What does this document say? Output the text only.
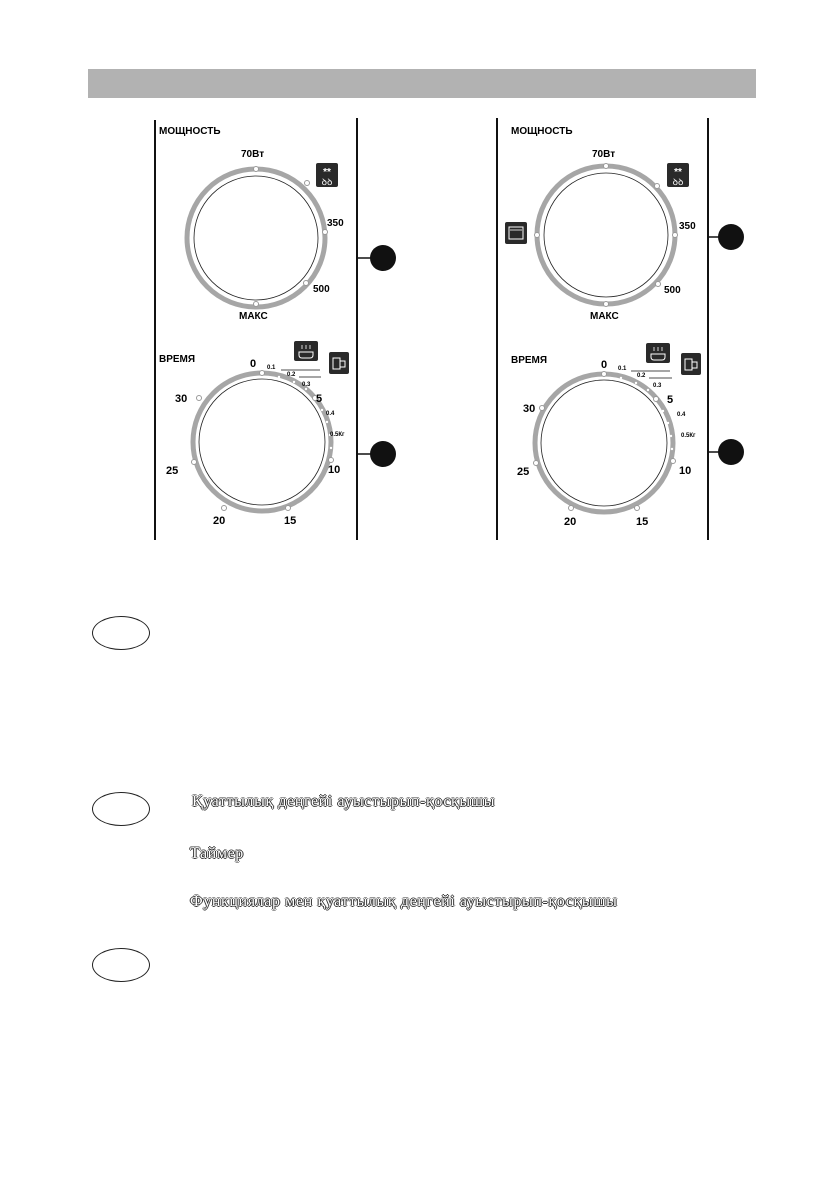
МОЩНОСТЬ
70Вт
350
500
МАКС
**
ꝺꝺ
ВРЕМЯ	0
5
10
15
20
25
30
0.1
0.2
0.3
0.4
0.5Кг
МОЩНОСТЬ
70Вт
350
500
МАКС
**
ꝺꝺ
ВРЕМЯ	0
5
10
15
20
25
30
0.1
0.2
0.3
0.4
0.5Кг
Қуаттылық деңгейі ауыстырып-қосқышы
Таймер
Функциялар мен қуаттылық деңгейі ауыстырып-қосқышы
